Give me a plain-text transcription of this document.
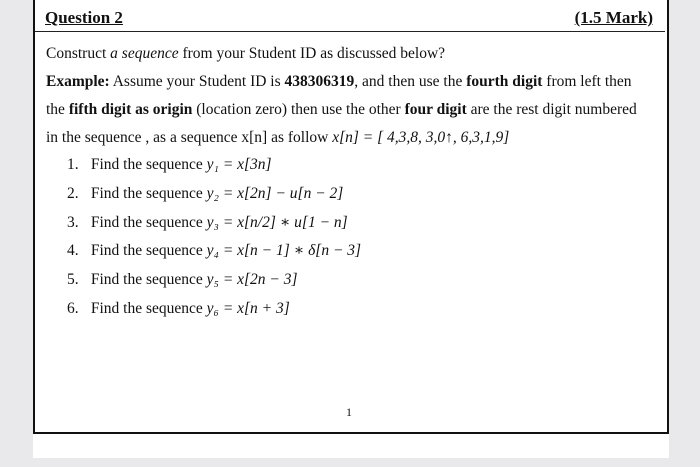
Question 2	(1.5 Mark)
Construct a sequence from your Student ID as discussed below?
Example: Assume your Student ID is 438306319, and then use the fourth digit from left then
the fifth digit as origin (location zero) then use the other four digit are the rest digit numbered
in the sequence , as a sequence x[n] as follow x[n] = [ 4,3,8, 3,0↑, 6,3,1,9]
1. Find the sequence y₁ = x[3n]
2. Find the sequence y₂ = x[2n] − u[n − 2]
3. Find the sequence y₃ = x[n/2] ∗ u[1 − n]
4. Find the sequence y₄ = x[n − 1] ∗ δ[n − 3]
5. Find the sequence y₅ = x[2n − 3]
6. Find the sequence y₆ = x[n + 3]
1
